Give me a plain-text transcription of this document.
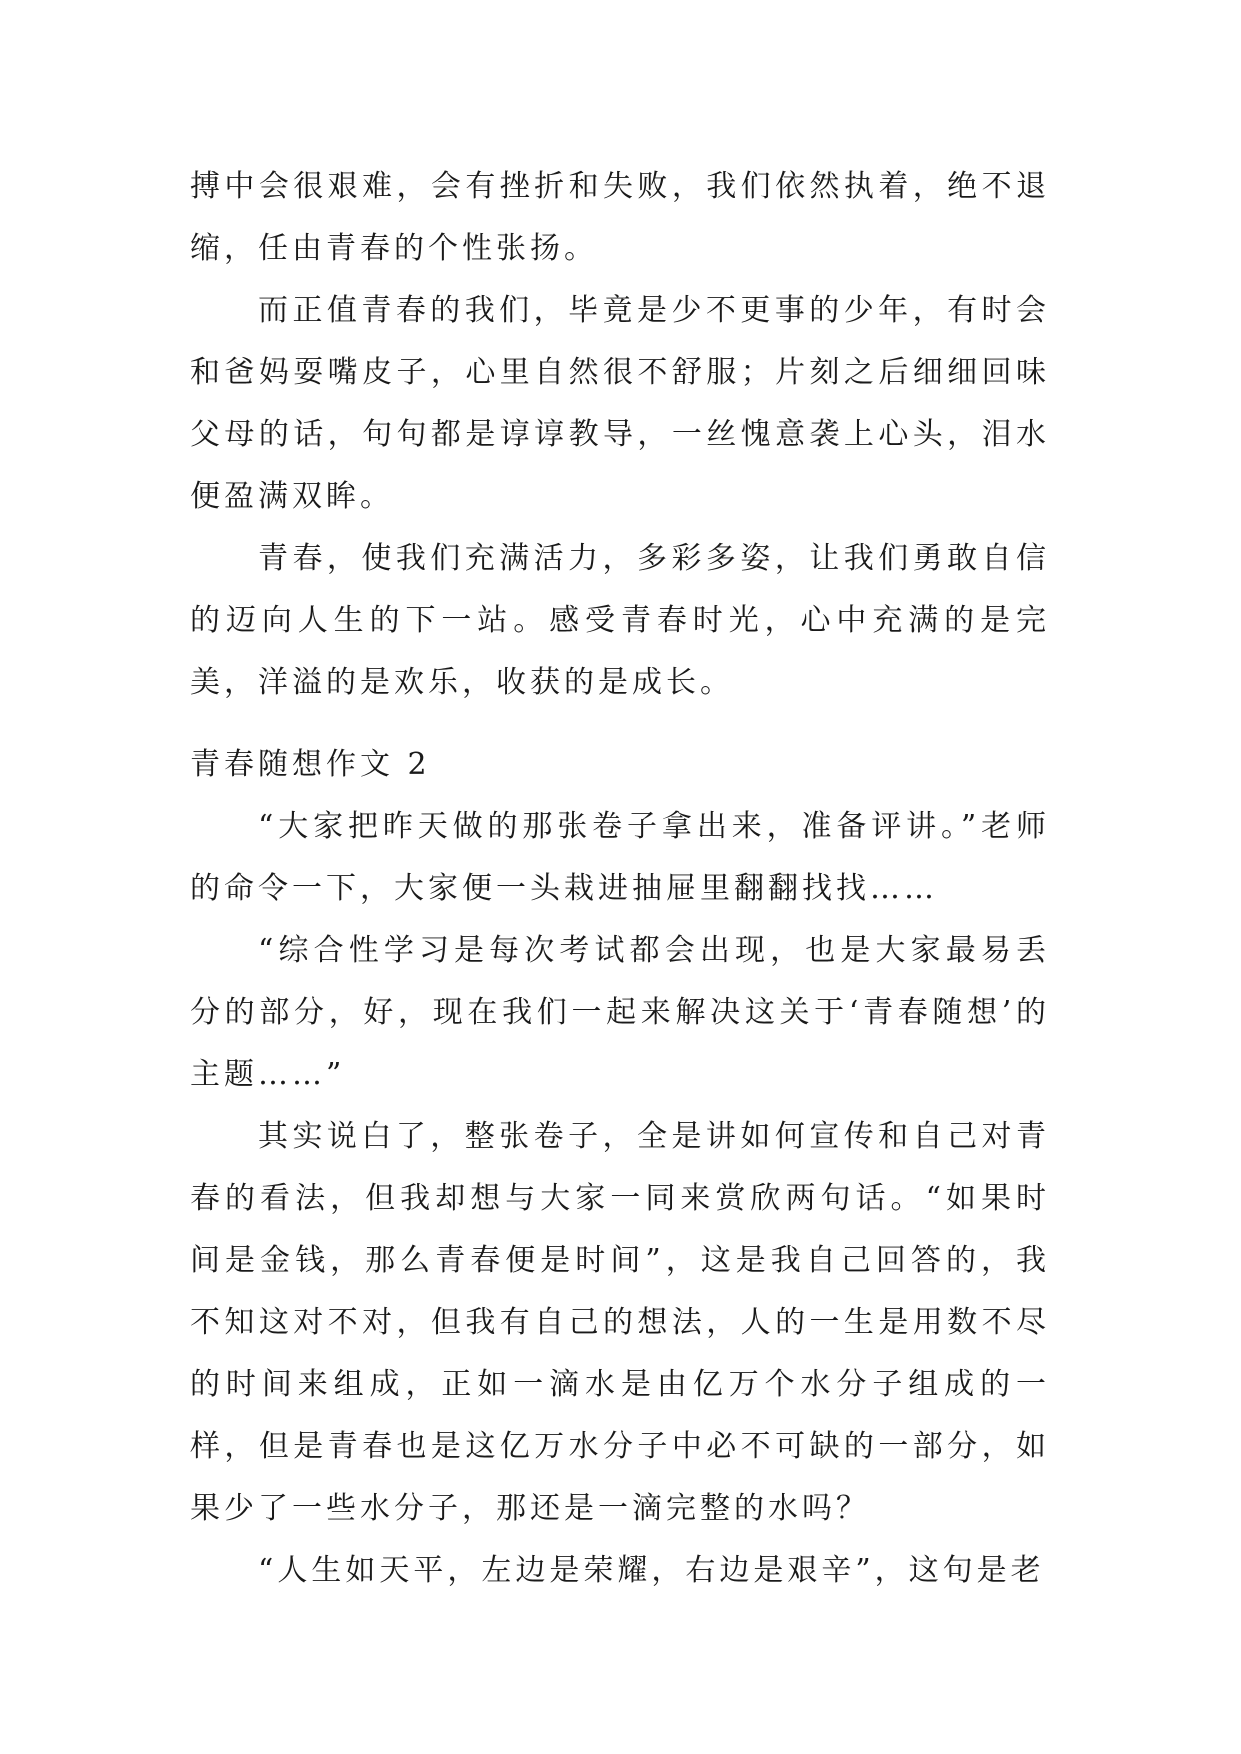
搏中会很艰难，会有挫折和失败，我们依然执着，绝不退缩，任由青春的个性张扬。

而正值青春的我们，毕竟是少不更事的少年，有时会和爸妈耍嘴皮子，心里自然很不舒服；片刻之后细细回味父母的话，句句都是谆谆教导，一丝愧意袭上心头，泪水便盈满双眸。

青春，使我们充满活力，多彩多姿，让我们勇敢自信的迈向人生的下一站。感受青春时光，心中充满的是完美，洋溢的是欢乐，收获的是成长。

青春随想作文 2

“大家把昨天做的那张卷子拿出来，准备评讲。”老师的命令一下，大家便一头栽进抽屉里翻翻找找……

“综合性学习是每次考试都会出现，也是大家最易丢分的部分，好，现在我们一起来解决这关于‘青春随想’的主题……”

其实说白了，整张卷子，全是讲如何宣传和自己对青春的看法，但我却想与大家一同来赏欣两句话。“如果时间是金钱，那么青春便是时间”，这是我自己回答的，我不知这对不对，但我有自己的想法，人的一生是用数不尽的时间来组成，正如一滴水是由亿万个水分子组成的一样，但是青春也是这亿万水分子中必不可缺的一部分，如果少了一些水分子，那还是一滴完整的水吗？

“人生如天平，左边是荣耀，右边是艰辛”，这句是老
